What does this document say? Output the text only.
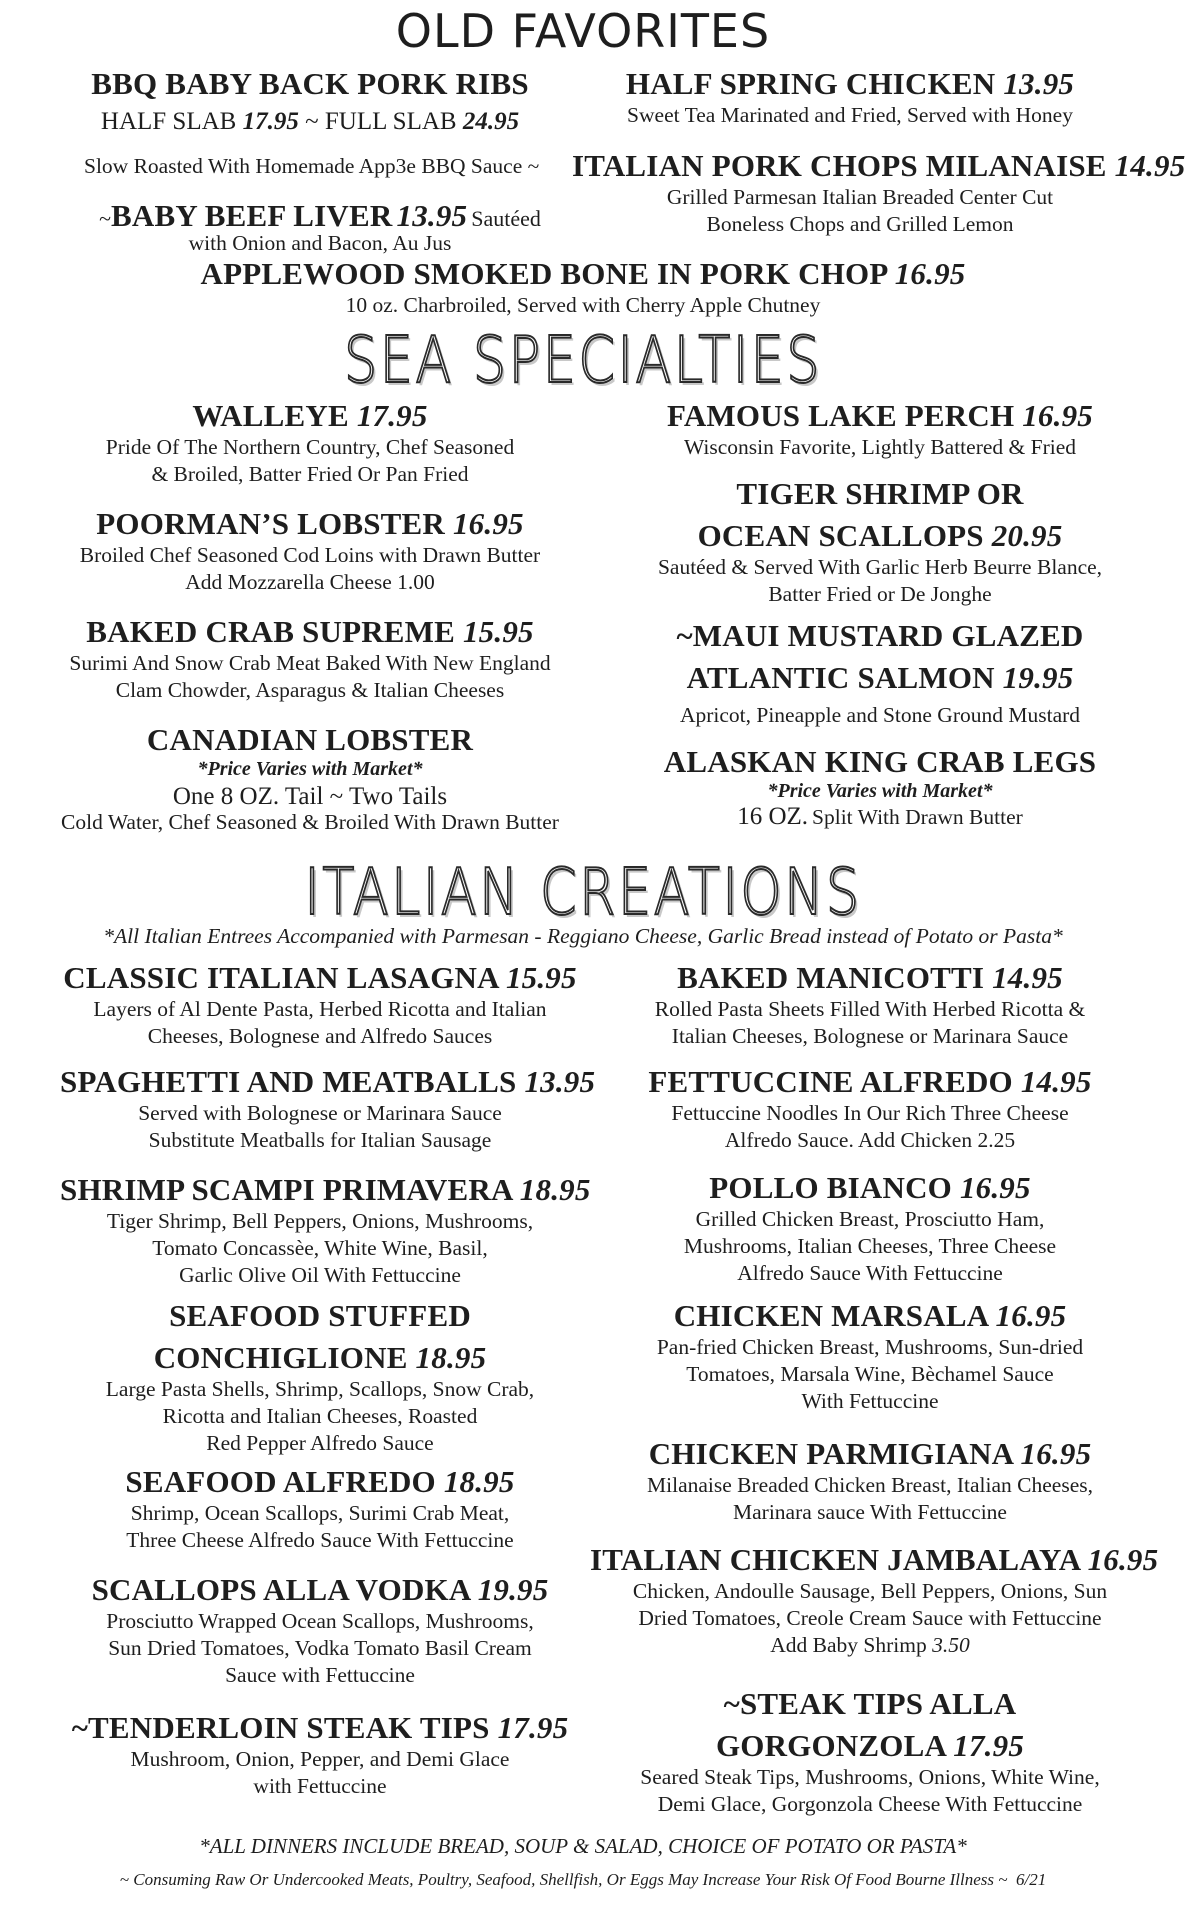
OLD FAVORITES
BBQ BABY BACK PORK RIBS
HALF SLAB 17.95 ~ FULL SLAB 24.95
HALF SPRING CHICKEN 13.95
Sweet Tea Marinated and Fried, Served with Honey
Slow Roasted With Homemade App3e BBQ Sauce ~ ITALIAN PORK CHOPS MILANAISE 14.95
Grilled Parmesan Italian Breaded Center Cut
Boneless Chops and Grilled Lemon
~BABY BEEF LIVER 13.95 Sautéed
with Onion and Bacon, Au Jus
APPLEWOOD SMOKED BONE IN PORK CHOP 16.95
10 oz. Charbroiled, Served with Cherry Apple Chutney
SEA SPECIALTIES
WALLEYE 17.95
Pride Of The Northern Country, Chef Seasoned
& Broiled, Batter Fried Or Pan Fried
FAMOUS LAKE PERCH 16.95
Wisconsin Favorite, Lightly Battered & Fried
POORMAN’S LOBSTER 16.95
Broiled Chef Seasoned Cod Loins with Drawn Butter
Add Mozzarella Cheese 1.00
TIGER SHRIMP OR
OCEAN SCALLOPS 20.95
Sautéed & Served With Garlic Herb Beurre Blance,
Batter Fried or De Jonghe
BAKED CRAB SUPREME 15.95
Surimi And Snow Crab Meat Baked With New England
Clam Chowder, Asparagus & Italian Cheeses
~MAUI MUSTARD GLAZED
ATLANTIC SALMON 19.95
Apricot, Pineapple and Stone Ground Mustard
CANADIAN LOBSTER
*Price Varies with Market*
One 8 OZ. Tail ~ Two Tails
Cold Water, Chef Seasoned & Broiled With Drawn Butter
ALASKAN KING CRAB LEGS
*Price Varies with Market*
16 OZ. Split With Drawn Butter
ITALIAN CREATIONS
*All Italian Entrees Accompanied with Parmesan - Reggiano Cheese, Garlic Bread instead of Potato or Pasta*
CLASSIC ITALIAN LASAGNA 15.95
Layers of Al Dente Pasta, Herbed Ricotta and Italian
Cheeses, Bolognese and Alfredo Sauces
SPAGHETTI AND MEATBALLS 13.95
Served with Bolognese or Marinara Sauce
Substitute Meatballs for Italian Sausage
SHRIMP SCAMPI PRIMAVERA 18.95
Tiger Shrimp, Bell Peppers, Onions, Mushrooms,
Tomato Concassèe, White Wine, Basil,
Garlic Olive Oil With Fettuccine
SEAFOOD STUFFED
CONCHIGLIONE 18.95
Large Pasta Shells, Shrimp, Scallops, Snow Crab,
Ricotta and Italian Cheeses, Roasted
Red Pepper Alfredo Sauce
SEAFOOD ALFREDO 18.95
Shrimp, Ocean Scallops, Surimi Crab Meat,
Three Cheese Alfredo Sauce With Fettuccine
SCALLOPS ALLA VODKA 19.95
Prosciutto Wrapped Ocean Scallops, Mushrooms,
Sun Dried Tomatoes, Vodka Tomato Basil Cream
Sauce with Fettuccine
~TENDERLOIN STEAK TIPS 17.95
Mushroom, Onion, Pepper, and Demi Glace
with Fettuccine
BAKED MANICOTTI 14.95
Rolled Pasta Sheets Filled With Herbed Ricotta &
Italian Cheeses, Bolognese or Marinara Sauce
FETTUCCINE ALFREDO 14.95
Fettuccine Noodles In Our Rich Three Cheese
Alfredo Sauce. Add Chicken 2.25
POLLO BIANCO 16.95
Grilled Chicken Breast, Prosciutto Ham,
Mushrooms, Italian Cheeses, Three Cheese
Alfredo Sauce With Fettuccine
CHICKEN MARSALA 16.95
Pan-fried Chicken Breast, Mushrooms, Sun-dried
Tomatoes, Marsala Wine, Bèchamel Sauce
With Fettuccine
CHICKEN PARMIGIANA 16.95
Milanaise Breaded Chicken Breast, Italian Cheeses,
Marinara sauce With Fettuccine
ITALIAN CHICKEN JAMBALAYA 16.95
Chicken, Andoulle Sausage, Bell Peppers, Onions, Sun
Dried Tomatoes, Creole Cream Sauce with Fettuccine
Add Baby Shrimp 3.50
~STEAK TIPS ALLA
GORGONZOLA 17.95
Seared Steak Tips, Mushrooms, Onions, White Wine,
Demi Glace, Gorgonzola Cheese With Fettuccine
*ALL DINNERS INCLUDE BREAD, SOUP & SALAD, CHOICE OF POTATO OR PASTA*
~ Consuming Raw Or Undercooked Meats, Poultry, Seafood, Shellfish, Or Eggs May Increase Your Risk Of Food Bourne Illness ~ 6/21
